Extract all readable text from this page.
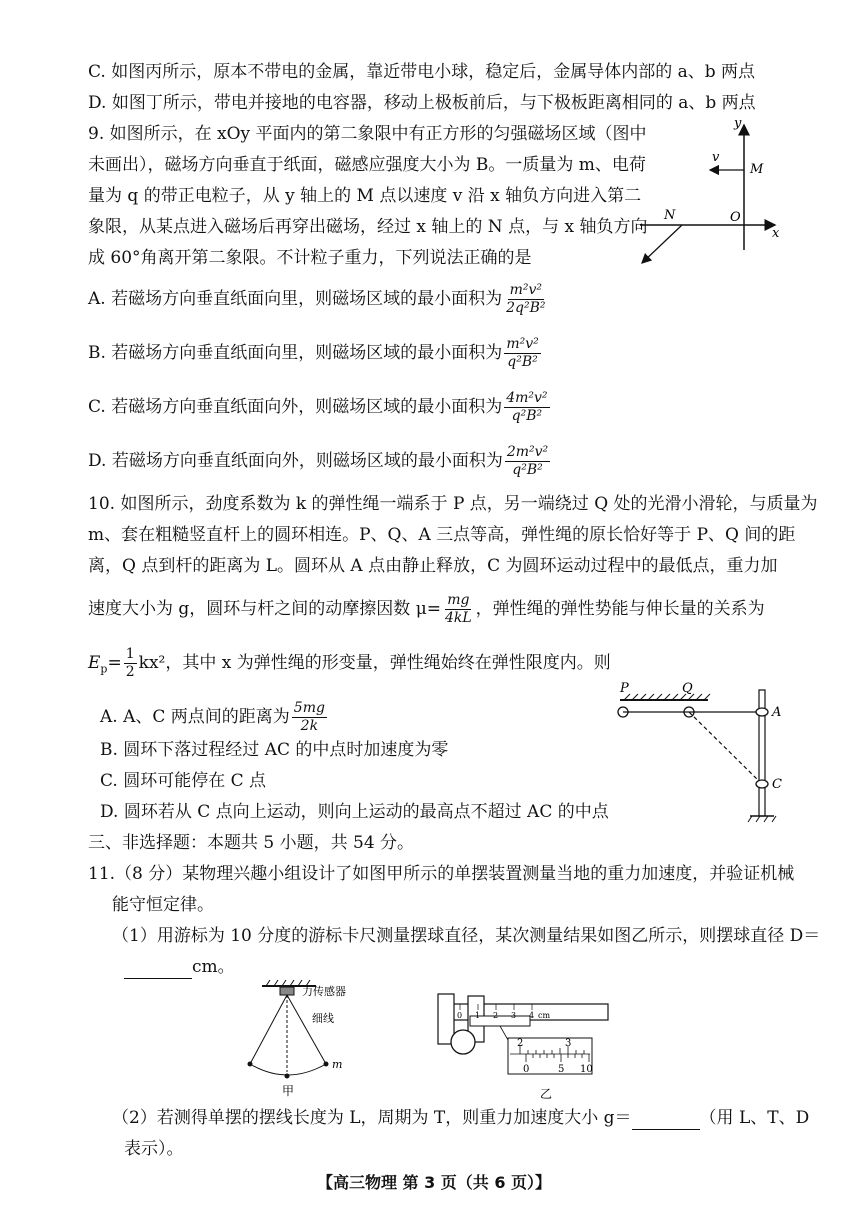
C. 如图丙所示，原本不带电的金属，靠近带电小球，稳定后，金属导体内部的 a、b 两点
D. 如图丁所示，带电并接地的电容器，移动上极板前后，与下极板距离相同的 a、b 两点
9. 如图所示，在 xOy 平面内的第二象限中有正方形的匀强磁场区域（图中
未画出），磁场方向垂直于纸面，磁感应强度大小为 B。一质量为 m、电荷
量为 q 的带正电粒子，从 y 轴上的 M 点以速度 v 沿 x 轴负方向进入第二
象限，从某点进入磁场后再穿出磁场，经过 x 轴上的 N 点，与 x 轴负方向
成 60°角离开第二象限。不计粒子重力，下列说法正确的是
A. 若磁场方向垂直纸面向里，则磁场区域的最小面积为 $\frac{\text{m²v²}}{\text{2q²B²}}$
B. 若磁场方向垂直纸面向里，则磁场区域的最小面积为 $\frac{\text{m²v²}}{\text{q²B²}}$
C. 若磁场方向垂直纸面向外，则磁场区域的最小面积为 $\frac{\text{4m²v²}}{\text{q²B²}}$
D. 若磁场方向垂直纸面向外，则磁场区域的最小面积为 $\frac{\text{2m²v²}}{\text{q²B²}}$
y
v
M
N	O
x
10. 如图所示，劲度系数为 k 的弹性绳一端系于 P 点，另一端绕过 Q 处的光滑小滑轮，与质量为
m、套在粗糙竖直杆上的圆环相连。P、Q、A 三点等高，弹性绳的原长恰好等于 P、Q 间的距
离，Q 点到杆的距离为 L。圆环从 A 点由静止释放，C 为圆环运动过程中的最低点，重力加
速度大小为 g，圆环与杆之间的动摩擦因数 $\mu= \frac{mg}{4kL}$ ，弹性绳的弹性势能与伸长量的关系为
$E_p= \frac{1}{2} kx^2$，其中 x 为弹性绳的形变量，弹性绳始终在弹性限度内。则
A. A、C 两点间的距离为 $\frac{5mg}{2k}$
B. 圆环下落过程经过 AC 的中点时加速度为零
C. 圆环可能停在 C 点
D. 圆环若从 C 点向上运动，则向上运动的最高点不超过 AC 的中点
P	Q
A
C
三、非选择题：本题共 5 小题，共 54 分。
11.（8 分）某物理兴趣小组设计了如图甲所示的单摆装置测量当地的重力加速度，并验证机械
能守恒定律。
（1）用游标为 10 分度的游标卡尺测量摆球直径，某次测量结果如图乙所示，则摆球直径 D＝
cm。
力传感器
细线
m
甲
0 1 2 3 4 cm
2	3
0	5 10
乙
（2）若测得单摆的摆线长度为 L，周期为 T，则重力加速度大小 g＝	（用 L、T、D
表示）。
【高三物理 第 3 页（共 6 页）】
